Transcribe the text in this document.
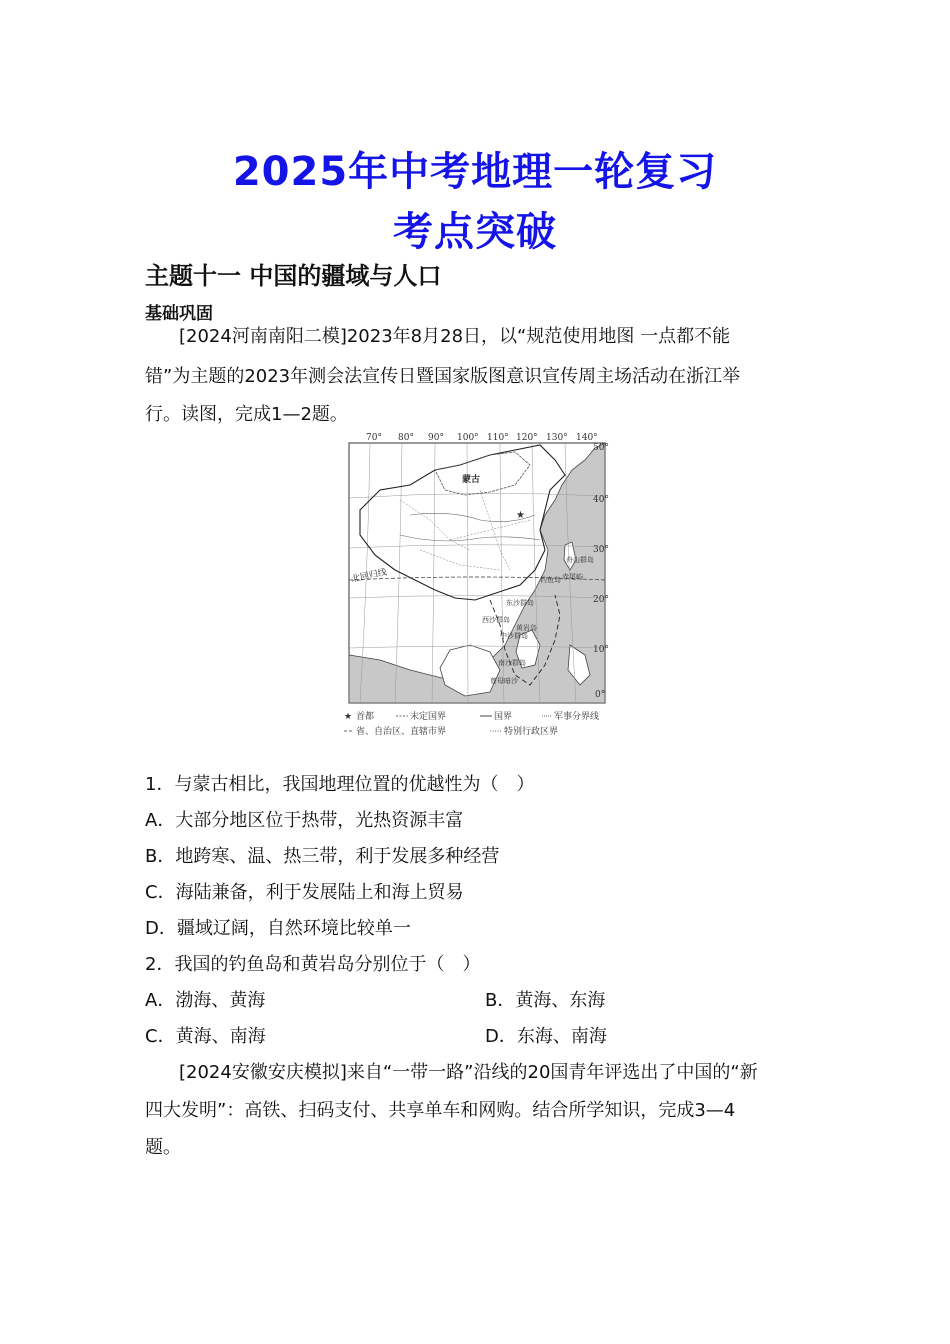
2025年中考地理一轮复习
考点突破
主题十一 中国的疆域与人口
基础巩固
[2024河南南阳二模]2023年8月28日，以“规范使用地图 一点都不能
错”为主题的2023年测会法宣传日暨国家版图意识宣传周主场活动在浙江举
行。读图，完成1—2题。
★
70° 80° 90° 100° 110° 120° 130° 140°
50°
40°
30°
20°
10°
0°
蒙古
北回归线
舟山群岛
钓鱼岛 赤尾屿
东沙群岛
西沙群岛
黄岩岛
中沙群岛
南沙群岛
曾母暗沙
★ 首都	未定国界	国界	军事分界线
省、自治区、直辖市界	特别行政区界
1．与蒙古相比，我国地理位置的优越性为（　）
A．大部分地区位于热带，光热资源丰富
B．地跨寒、温、热三带，利于发展多种经营
C．海陆兼备，利于发展陆上和海上贸易
D．疆域辽阔，自然环境比较单一
2．我国的钓鱼岛和黄岩岛分别位于（　）
A．渤海、黄海	B．黄海、东海
C．黄海、南海	D．东海、南海
[2024安徽安庆模拟]来自“一带一路”沿线的20国青年评选出了中国的“新
四大发明”：高铁、扫码支付、共享单车和网购。结合所学知识，完成3—4
题。
